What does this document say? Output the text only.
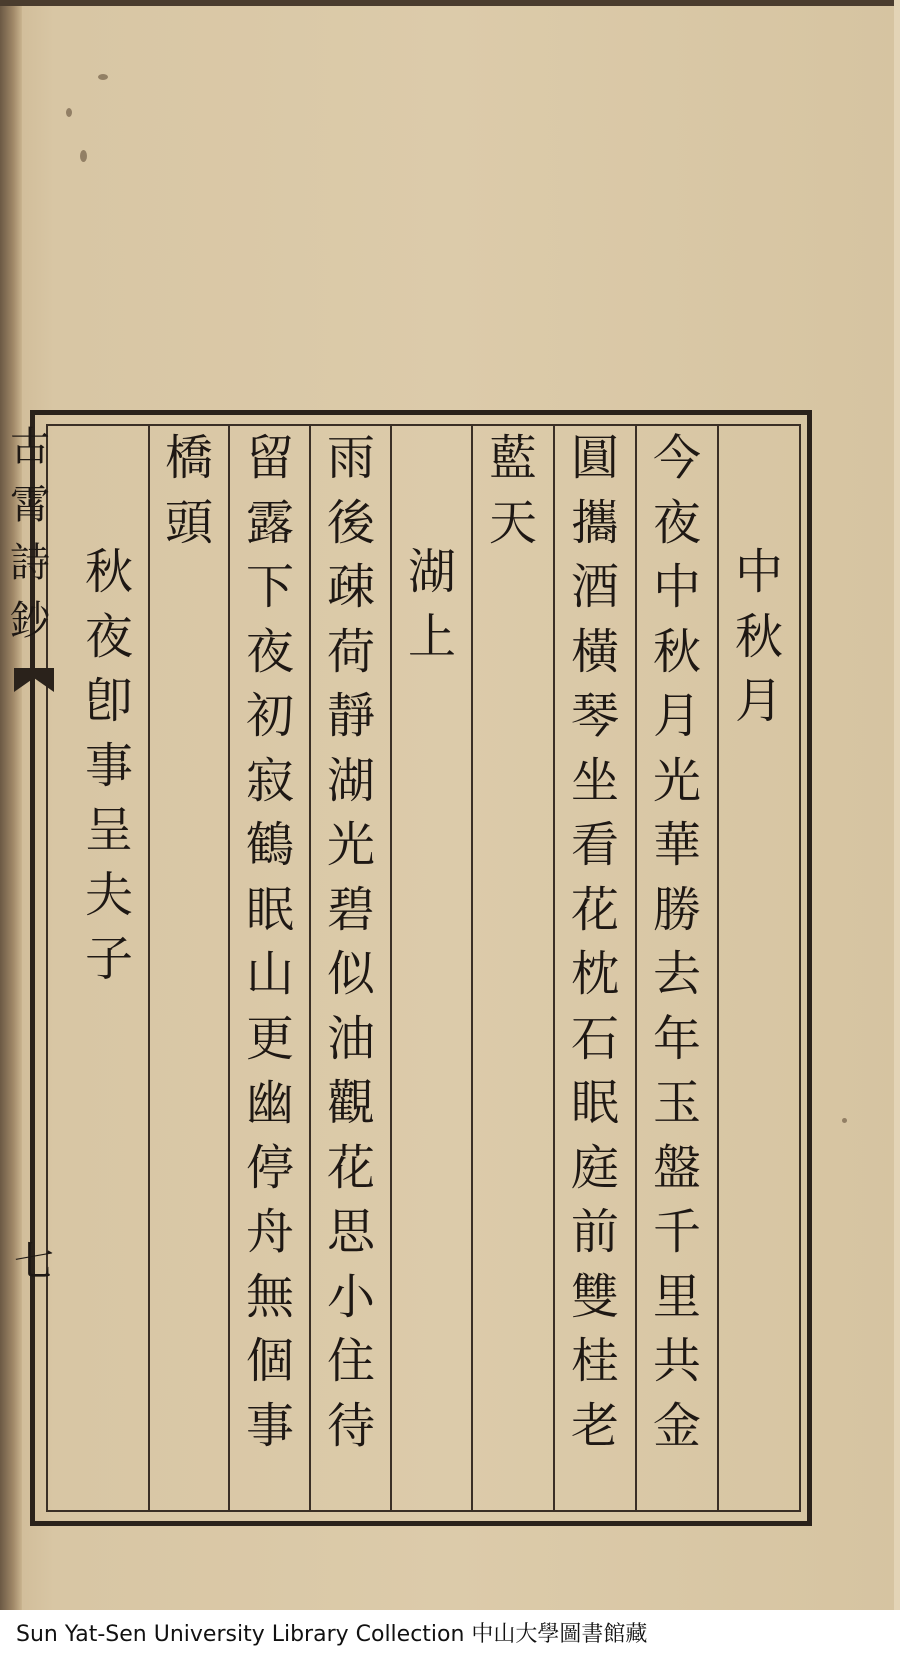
中
秋
月
今
夜
中
秋
月
光
華
勝
去
年
玉
盤
千
里
共
金
圓
攜
酒
橫
琴
坐
看
花
枕
石
眠
庭
前
雙
桂
老
藍
天
湖
上
雨
後
疎
荷
靜
湖
光
碧
似
油
觀
花
思
小
住
待
留
露
下
夜
初
寂
鶴
眠
山
更
幽
停
舟
無
個
事
橋
頭
秋
夜
卽
事
呈
夫
子
古
霄
詩
鈔
七
Sun Yat-Sen University Library Collection 中山大學圖書館藏
